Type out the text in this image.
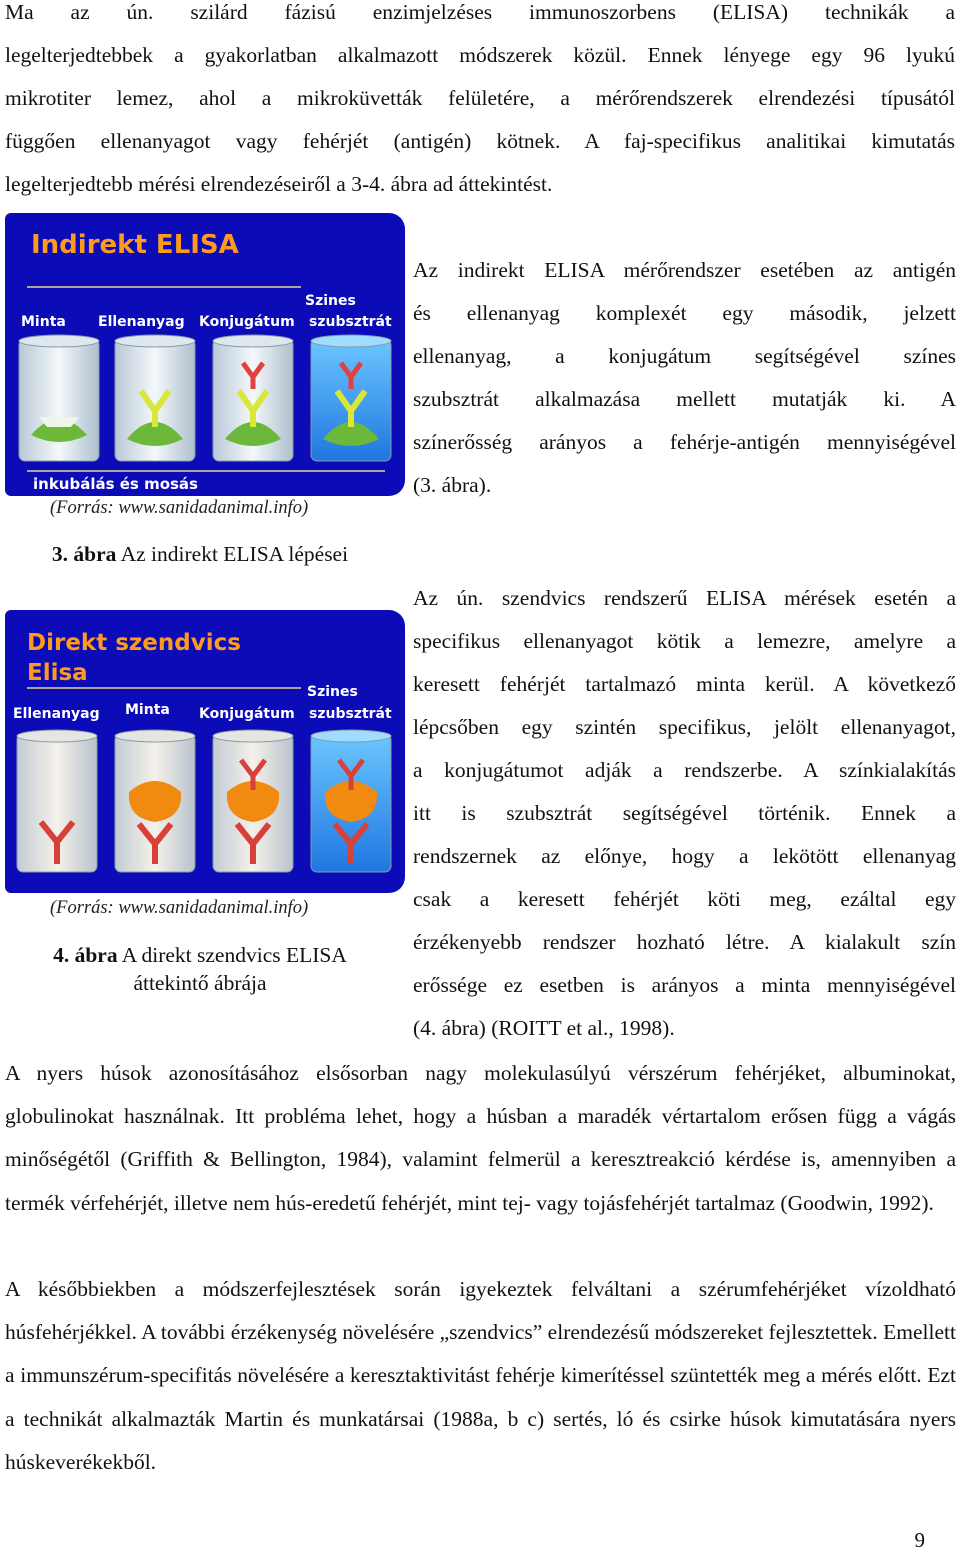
Ma az ún. szilárd fázisú enzimjelzéses immunoszorbens (ELISA) technikák a
legelterjedtebbek a gyakorlatban alkalmazott módszerek közül. Ennek lényege egy 96 lyukú
mikrotiter lemez, ahol a mikroküvetták felületére, a mérőrendszerek elrendezési típusától
függően ellenanyagot vagy fehérjét (antigén) kötnek. A faj-specifikus analitikai kimutatás
legelterjedtebb mérési elrendezéseiről a 3-4. ábra ad áttekintést.
Indirekt ELISA
Szines
Minta Ellenanyag Konjugátum szubsztrát
inkubálás és mosás
(Forrás: www.sanidadanimal.info)
3. ábra Az indirekt ELISA lépései
Az indirekt ELISA mérőrendszer esetében az antigén
és ellenanyag komplexét egy második, jelzett
ellenanyag, a konjugátum segítségével színes
szubsztrát alkalmazása mellett mutatják ki. A
színerősség arányos a fehérje-antigén mennyiségével
(3. ábra).
Direkt szendvics
Elisa
Szines
Ellenanyag Minta Konjugátum szubsztrát
(Forrás: www.sanidadanimal.info)
4. ábra A direkt szendvics ELISA
áttekintő ábrája
Az ún. szendvics rendszerű ELISA mérések esetén a
specifikus ellenanyagot kötik a lemezre, amelyre a
keresett fehérjét tartalmazó minta kerül. A következő
lépcsőben egy szintén specifikus, jelölt ellenanyagot,
a konjugátumot adják a rendszerbe. A színkialakítás
itt is szubsztrát segítségével történik. Ennek a
rendszernek az előnye, hogy a lekötött ellenanyag
csak a keresett fehérjét köti meg, ezáltal egy
érzékenyebb rendszer hozható létre. A kialakult szín
erőssége ez esetben is arányos a minta mennyiségével
(4. ábra) (ROITT et al., 1998).
A nyers húsok azonosításához elsősorban nagy molekulasúlyú vérszérum fehérjéket, albuminokat, globulinokat használnak. Itt probléma lehet, hogy a húsban a maradék vértartalom erősen függ a vágás minőségétől (Griffith & Bellington, 1984), valamint felmerül a keresztreakció kérdése is, amennyiben a termék vérfehérjét, illetve nem hús-eredetű fehérjét, mint tej- vagy tojásfehérjét tartalmaz (Goodwin, 1992).
A későbbiekben a módszerfejlesztések során igyekeztek felváltani a szérumfehérjéket vízoldható húsfehérjékkel. A további érzékenység növelésére „szendvics” elrendezésű módszereket fejlesztettek. Emellett a immunszérum-specifitás növelésére a keresztaktivitást fehérje kimerítéssel szüntették meg a mérés előtt. Ezt a technikát alkalmazták Martin és munkatársai (1988a, b c) sertés, ló és csirke húsok kimutatására nyers húskeverékekből.
9
